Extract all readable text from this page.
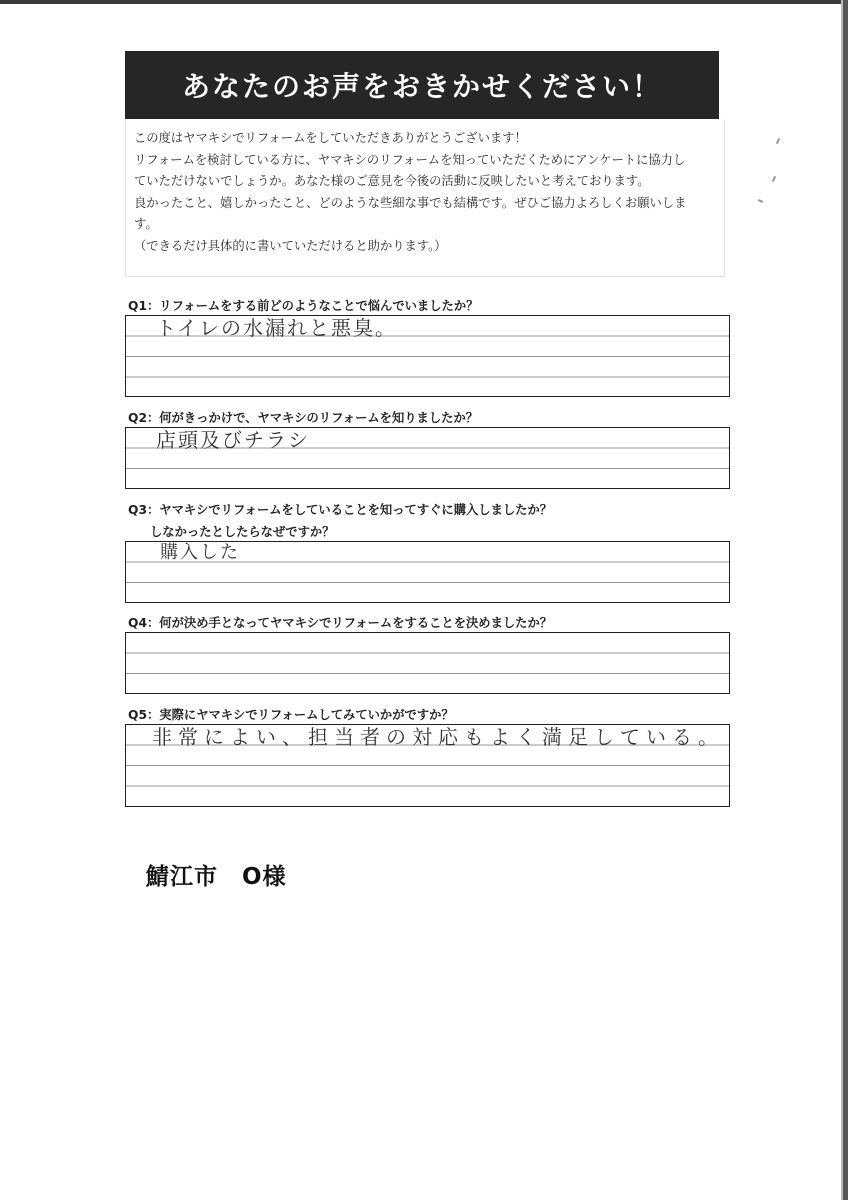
あなたのお声をおきかせください！

この度はヤマキシでリフォームをしていただきありがとうございます！

リフォームを検討している方に、ヤマキシのリフォームを知っていただくためにアンケートに協力し

ていただけないでしょうか。あなた様のご意見を今後の活動に反映したいと考えております。

良かったこと、嬉しかったこと、どのような些細な事でも結構です。ぜひご協力よろしくお願いしま

す。

（できるだけ具体的に書いていただけると助かります。）

Q1：リフォームをする前どのようなことで悩んでいましたか？
トイレの水漏れと悪臭。
Q2：何がきっかけで、ヤマキシのリフォームを知りましたか？
店頭及びチラシ
Q3：ヤマキシでリフォームをしていることを知ってすぐに購入しましたか？
しなかったとしたらなぜですか？
購入した
Q4：何が決め手となってヤマキシでリフォームをすることを決めましたか？
Q5：実際にヤマキシでリフォームしてみていかがですか？
非常によい、担当者の対応もよく満足している。
鯖江市　O様
